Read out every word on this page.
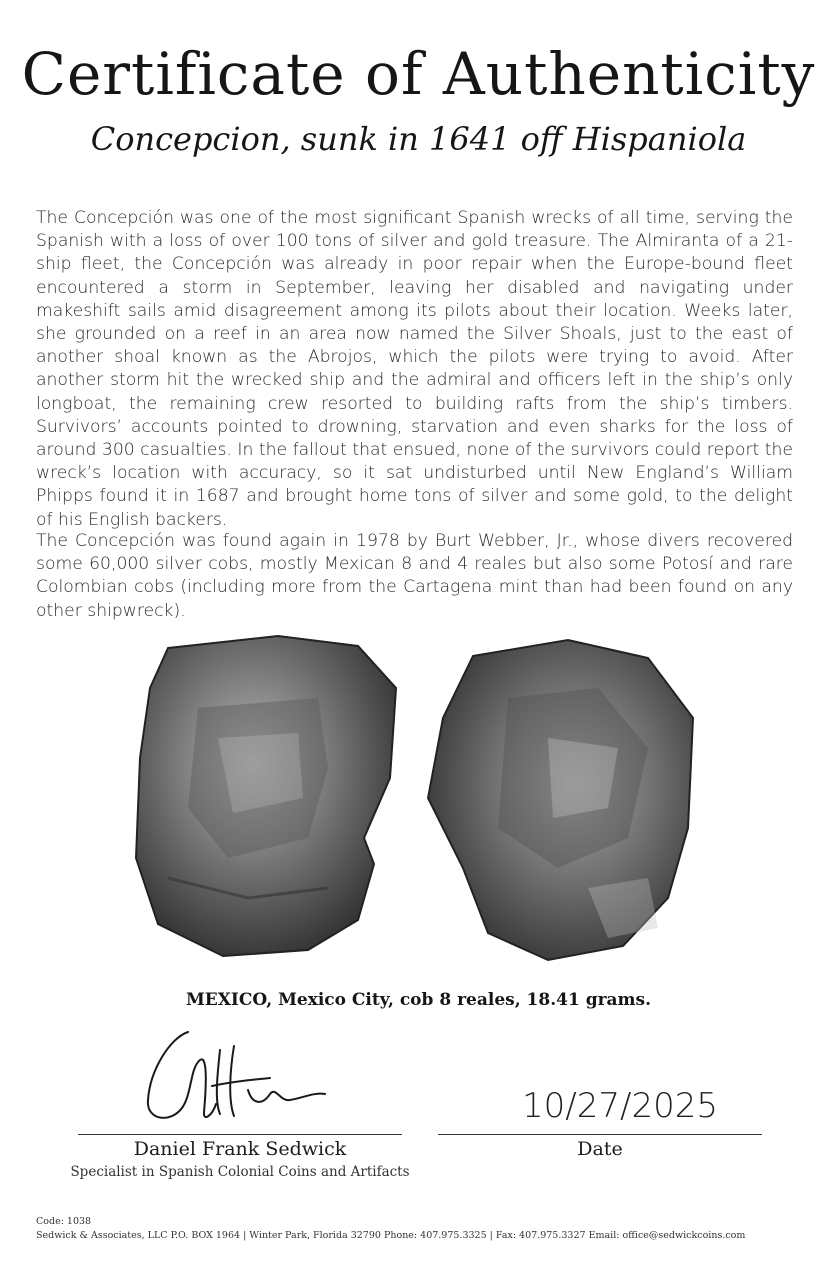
Certificate of Authenticity
Concepcion, sunk in 1641 off Hispaniola

The Concepción was one of the most significant Spanish wrecks of all time, serving the Spanish with a loss of over 100 tons of silver and gold treasure. The Almiranta of a 21-ship fleet, the Concepción was already in poor repair when the Europe-bound fleet encountered a storm in September, leaving her disabled and navigating under makeshift sails amid disagreement among its pilots about their location. Weeks later, she grounded on a reef in an area now named the Silver Shoals, just to the east of another shoal known as the Abrojos, which the pilots were trying to avoid. After another storm hit the wrecked ship and the admiral and officers left in the ship’s only longboat, the remaining crew resorted to building rafts from the ship’s timbers. Survivors’ accounts pointed to drowning, starvation and even sharks for the loss of around 300 casualties. In the fallout that ensued, none of the survivors could report the wreck’s location with accuracy, so it sat undisturbed until New England’s William Phipps found it in 1687 and brought home tons of silver and some gold, to the delight of his English backers.

The Concepción was found again in 1978 by Burt Webber, Jr., whose divers recovered some 60,000 silver cobs, mostly Mexican 8 and 4 reales but also some Potosí and rare Colombian cobs (including more from the Cartagena mint than had been found on any other shipwreck).

MEXICO, Mexico City, cob 8 reales, 18.41 grams.
10/27/2025
Daniel Frank Sedwick
Specialist in Spanish Colonial Coins and Artifacts
Date
Code: 1038
Sedwick & Associates, LLC P.O. BOX 1964 | Winter Park, Florida 32790 Phone: 407.975.3325 | Fax: 407.975.3327 Email: office@sedwickcoins.com
